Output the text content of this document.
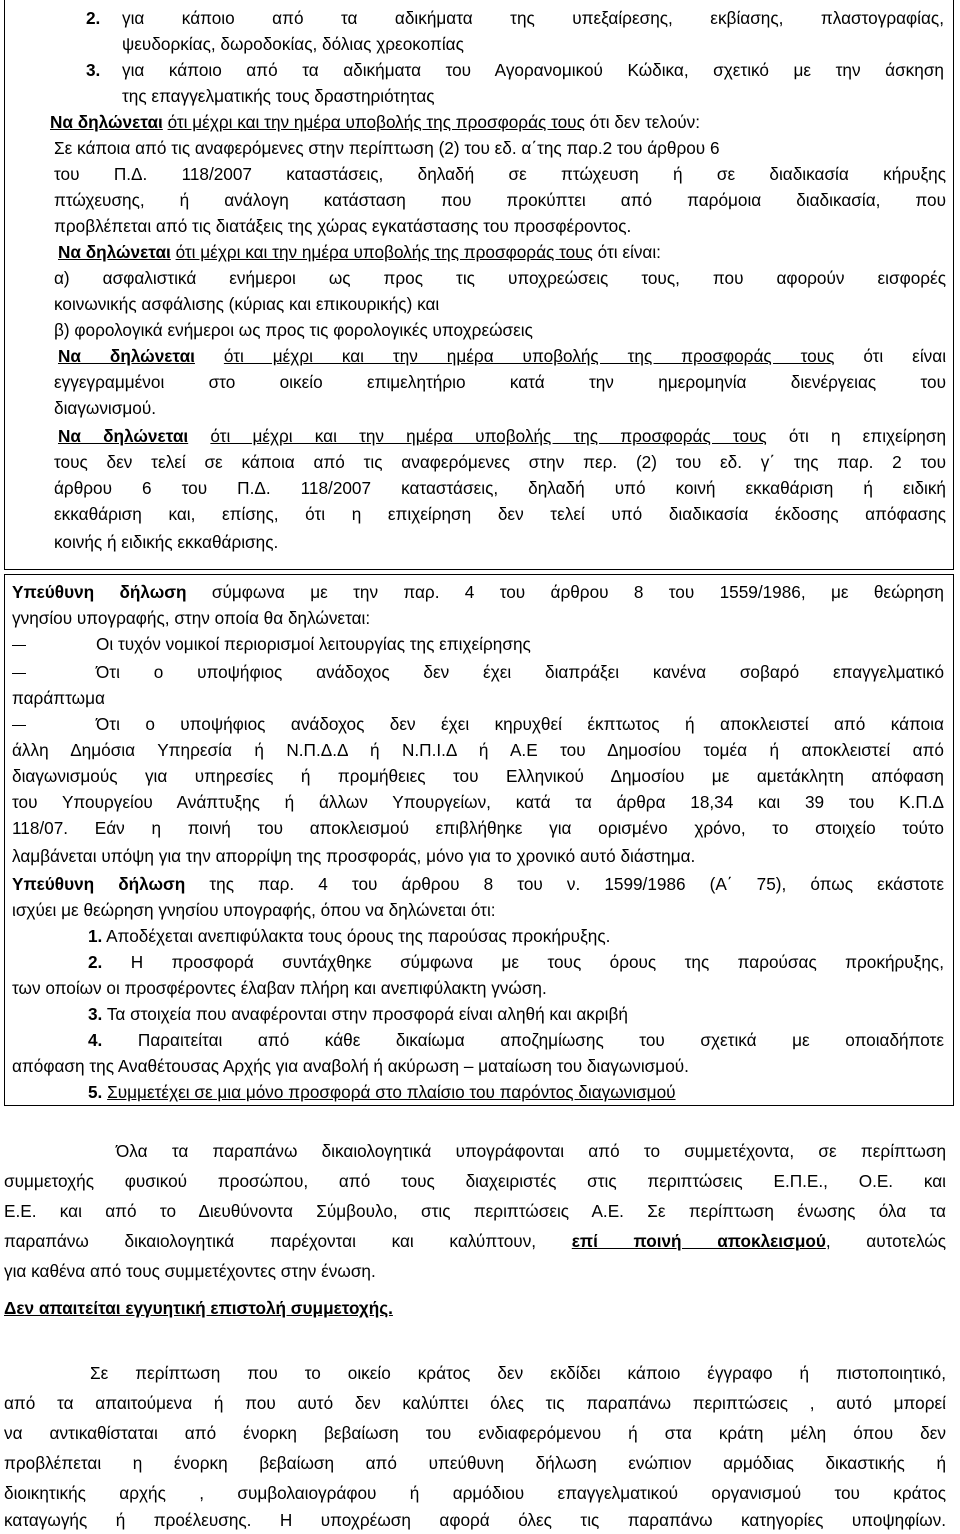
2. για κάποιο από τα αδικήματα της υπεξαίρεσης, εκβίασης, πλαστογραφίας,
ψευδορκίας, δωροδοκίας, δόλιας χρεοκοπίας
3. για κάποιο από τα αδικήματα του Αγορανομικού Κώδικα, σχετικό με την άσκηση
της επαγγελματικής τους δραστηριότητας
Να δηλώνεται ότι μέχρι και την ημέρα υποβολής της προσφοράς τους ότι δεν τελούν:
Σε κάποια από τις αναφερόμενες στην περίπτωση (2) του εδ. α΄της παρ.2 του άρθρου 6
του Π.Δ. 118/2007 καταστάσεις, δηλαδή σε πτώχευση ή σε διαδικασία κήρυξης
πτώχευσης, ή ανάλογη κατάσταση που προκύπτει από παρόμοια διαδικασία, που
προβλέπεται από τις διατάξεις της χώρας εγκατάστασης του προσφέροντος.
Να δηλώνεται ότι μέχρι και την ημέρα υποβολής της προσφοράς τους ότι είναι:
α) ασφαλιστικά ενήμεροι ως προς τις υποχρεώσεις τους, που αφορούν εισφορές
κοινωνικής ασφάλισης (κύριας και επικουρικής) και
β) φορολογικά ενήμεροι ως προς τις φορολογικές υποχρεώσεις
Να δηλώνεται ότι μέχρι και την ημέρα υποβολής της προσφοράς τους ότι είναι
εγγεγραμμένοι στο οικείο επιμελητήριο κατά την ημερομηνία διενέργειας του
διαγωνισμού.
Να δηλώνεται ότι μέχρι και την ημέρα υποβολής της προσφοράς τους ότι η επιχείρηση
τους δεν τελεί σε κάποια από τις αναφερόμενες στην περ. (2) του εδ. γ΄ της παρ. 2 του
άρθρου 6 του Π.Δ. 118/2007 καταστάσεις, δηλαδή υπό κοινή εκκαθάριση ή ειδική
εκκαθάριση και, επίσης, ότι η επιχείρηση δεν τελεί υπό διαδικασία έκδοσης απόφασης
κοινής ή ειδικής εκκαθάρισης.
Υπεύθυνη δήλωση σύμφωνα με την παρ. 4 του άρθρου 8 του 1559/1986, με θεώρηση
γνησίου υπογραφής, στην οποία θα δηλώνεται:
Οι τυχόν νομικοί περιορισμοί λειτουργίας της επιχείρησης
Ότι ο υποψήφιος ανάδοχος δεν έχει διαπράξει κανένα σοβαρό επαγγελματικό
παράπτωμα
Ότι ο υποψήφιος ανάδοχος δεν έχει κηρυχθεί έκπτωτος ή αποκλειστεί από κάποια
άλλη Δημόσια Υπηρεσία ή Ν.Π.Δ.Δ ή Ν.Π.Ι.Δ ή Α.Ε του Δημοσίου τομέα ή αποκλειστεί από
διαγωνισμούς για υπηρεσίες ή προμήθειες του Ελληνικού Δημοσίου με αμετάκλητη απόφαση
του Υπουργείου Ανάπτυξης ή άλλων Υπουργείων, κατά τα άρθρα 18,34 και 39 του Κ.Π.Δ
118/07. Εάν η ποινή του αποκλεισμού επιβλήθηκε για ορισμένο χρόνο, το στοιχείο τούτο
λαμβάνεται υπόψη για την απορρίψη της προσφοράς, μόνο για το χρονικό αυτό διάστημα.
Υπεύθυνη δήλωση της παρ. 4 του άρθρου 8 του ν. 1599/1986 (Α΄ 75), όπως εκάστοτε
ισχύει με θεώρηση γνησίου υπογραφής, όπου να δηλώνεται ότι:
1. Αποδέχεται ανεπιφύλακτα τους όρους της παρούσας προκήρυξης.
2. Η προσφορά συντάχθηκε σύμφωνα με τους όρους της παρούσας προκήρυξης,
των οποίων οι προσφέροντες έλαβαν πλήρη και ανεπιφύλακτη γνώση.
3. Τα στοιχεία που αναφέρονται στην προσφορά είναι αληθή και ακριβή
4. Παραιτείται από κάθε δικαίωμα αποζημίωσης του σχετικά με οποιαδήποτε
απόφαση της Αναθέτουσας Αρχής για αναβολή ή ακύρωση – ματαίωση του διαγωνισμού.
5. Συμμετέχει σε μια μόνο προσφορά στο πλαίσιο του παρόντος διαγωνισμού
Όλα τα παραπάνω δικαιολογητικά υπογράφονται από το συμμετέχοντα, σε περίπτωση
συμμετοχής φυσικού προσώπου, από τους διαχειριστές στις περιπτώσεις Ε.Π.Ε., Ο.Ε. και
Ε.Ε. και από το Διευθύνοντα Σύμβουλο, στις περιπτώσεις Α.Ε. Σε περίπτωση ένωσης όλα τα
παραπάνω δικαιολογητικά παρέχονται και καλύπτουν, επί ποινή αποκλεισμού, αυτοτελώς
για καθένα από τους συμμετέχοντες στην ένωση.
Δεν απαιτείται εγγυητική επιστολή συμμετοχής.
Σε περίπτωση που το οικείο κράτος δεν εκδίδει κάποιο έγγραφο ή πιστοποιητικό,
από τα απαιτούμενα ή που αυτό δεν καλύπτει όλες τις παραπάνω περιπτώσεις , αυτό μπορεί
να αντικαθίσταται από ένορκη βεβαίωση του ενδιαφερόμενου ή στα κράτη μέλη όπου δεν
προβλέπεται η ένορκη βεβαίωση από υπεύθυνη δήλωση ενώπιον αρμόδιας δικαστικής ή
διοικητικής αρχής , συμβολαιογράφου ή αρμόδιου επαγγελματικού οργανισμού του κράτος
καταγωγής ή προέλευσης. Η υποχρέωση αφορά όλες τις παραπάνω κατηγορίες υποψηφίων.
